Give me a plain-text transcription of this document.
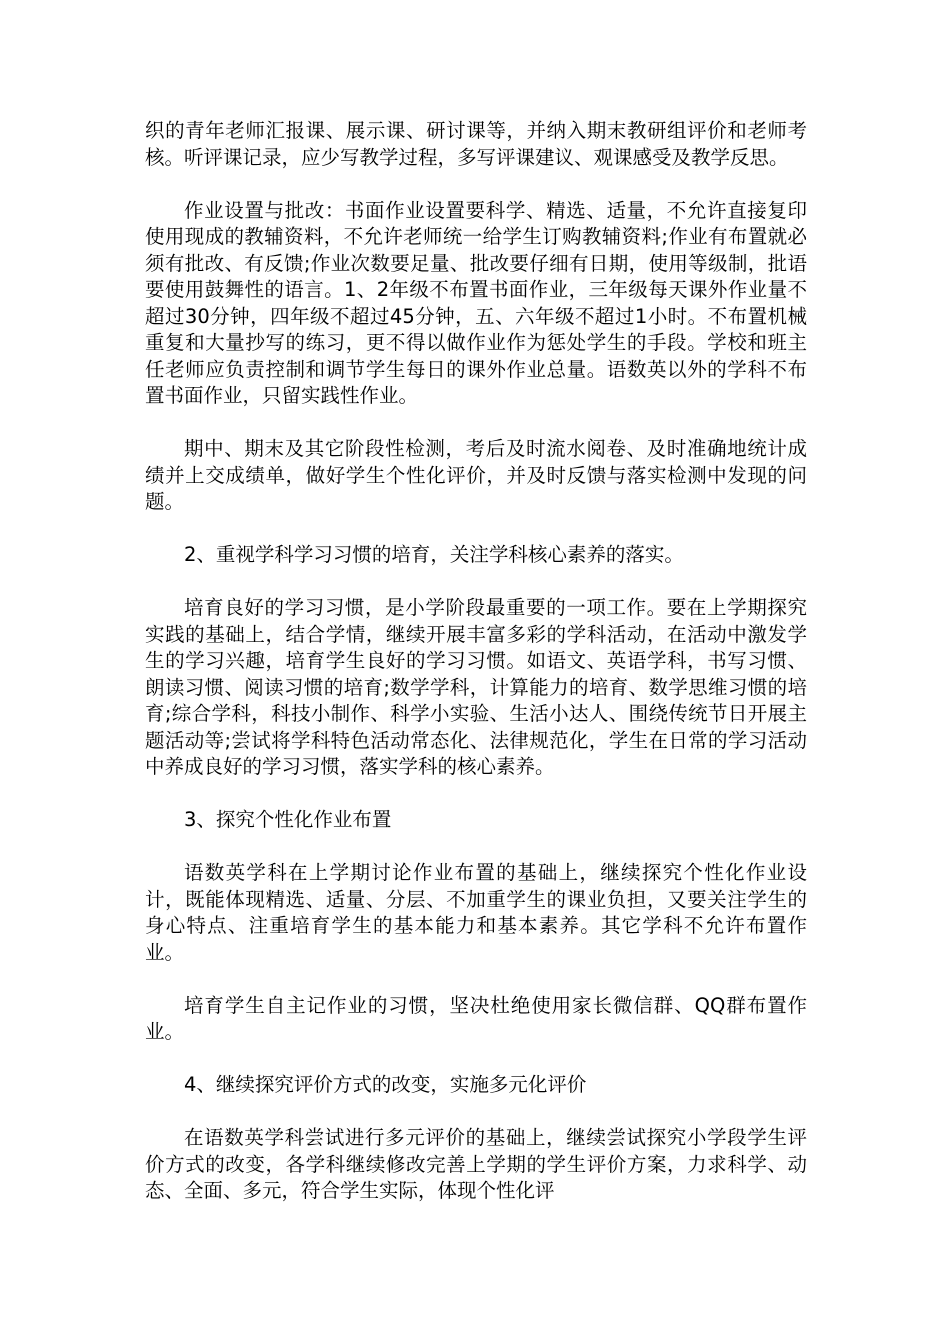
织的青年老师汇报课、展示课、研讨课等，并纳入期末教研组评价和老师考核。听评课记录，应少写教学过程，多写评课建议、观课感受及教学反思。

作业设置与批改：书面作业设置要科学、精选、适量，不允许直接复印使用现成的教辅资料，不允许老师统一给学生订购教辅资料;作业有布置就必须有批改、有反馈;作业次数要足量、批改要仔细有日期，使用等级制，批语要使用鼓舞性的语言。1、2年级不布置书面作业，三年级每天课外作业量不超过30分钟，四年级不超过45分钟，五、六年级不超过1小时。不布置机械重复和大量抄写的练习，更不得以做作业作为惩处学生的手段。学校和班主任老师应负责控制和调节学生每日的课外作业总量。语数英以外的学科不布置书面作业，只留实践性作业。

期中、期末及其它阶段性检测，考后及时流水阅卷、及时准确地统计成绩并上交成绩单，做好学生个性化评价，并及时反馈与落实检测中发现的问题。

2、重视学科学习习惯的培育，关注学科核心素养的落实。

培育良好的学习习惯，是小学阶段最重要的一项工作。要在上学期探究实践的基础上，结合学情，继续开展丰富多彩的学科活动，在活动中激发学生的学习兴趣，培育学生良好的学习习惯。如语文、英语学科，书写习惯、朗读习惯、阅读习惯的培育;数学学科，计算能力的培育、数学思维习惯的培育;综合学科，科技小制作、科学小实验、生活小达人、围绕传统节日开展主题活动等;尝试将学科特色活动常态化、法律规范化，学生在日常的学习活动中养成良好的学习习惯，落实学科的核心素养。

3、探究个性化作业布置

语数英学科在上学期讨论作业布置的基础上，继续探究个性化作业设计，既能体现精选、适量、分层、不加重学生的课业负担，又要关注学生的身心特点、注重培育学生的基本能力和基本素养。其它学科不允许布置作业。

培育学生自主记作业的习惯，坚决杜绝使用家长微信群、QQ群布置作业。

4、继续探究评价方式的改变，实施多元化评价

在语数英学科尝试进行多元评价的基础上，继续尝试探究小学段学生评价方式的改变，各学科继续修改完善上学期的学生评价方案，力求科学、动态、全面、多元，符合学生实际，体现个性化评
